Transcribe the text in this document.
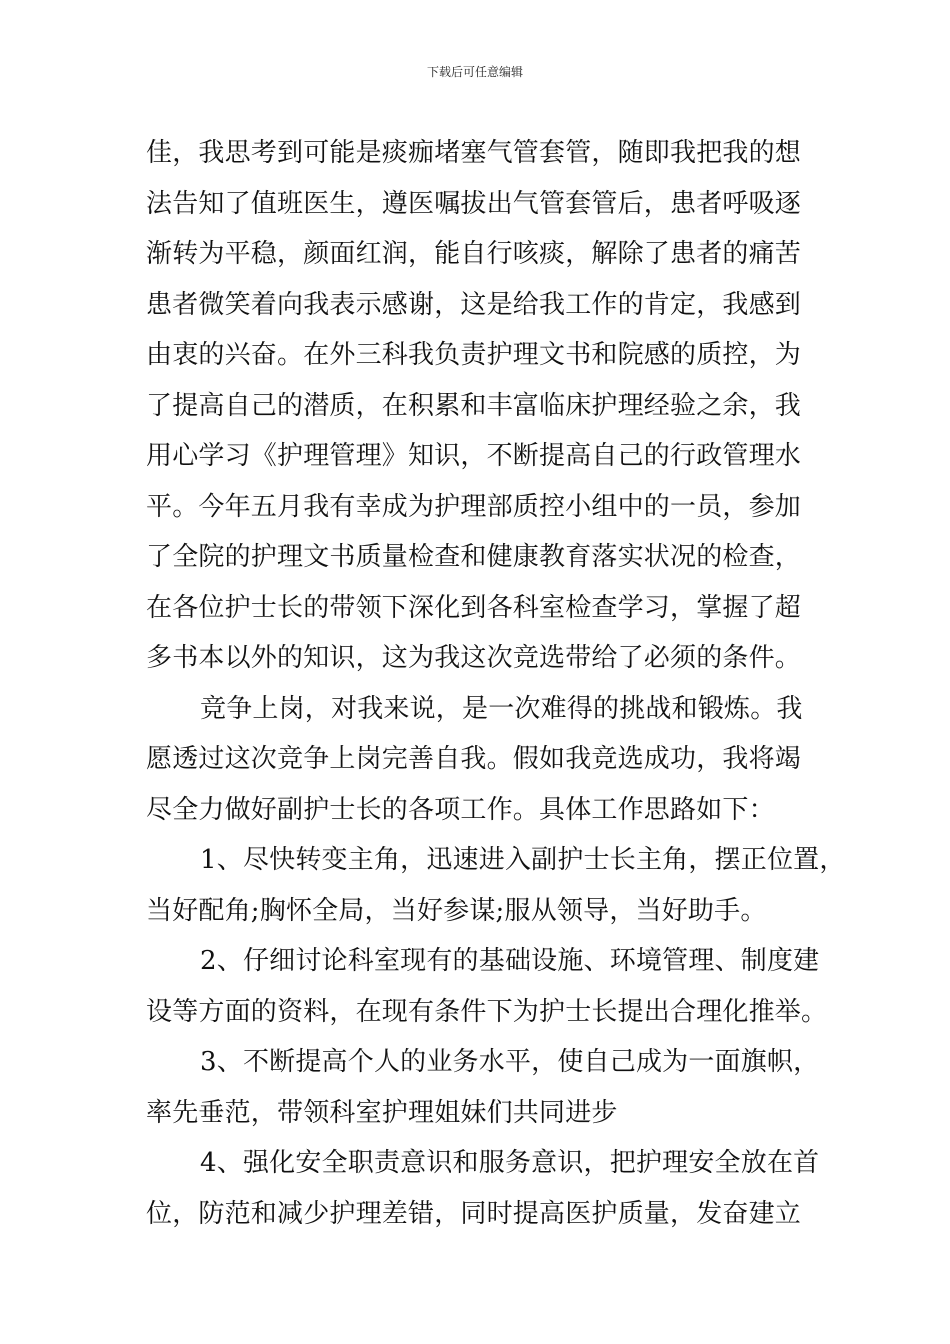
下载后可任意编辑
佳，我思考到可能是痰痂堵塞气管套管，随即我把我的想
法告知了值班医生，遵医嘱拔出气管套管后，患者呼吸逐
渐转为平稳，颜面红润，能自行咳痰，解除了患者的痛苦
患者微笑着向我表示感谢，这是给我工作的肯定，我感到
由衷的兴奋。在外三科我负责护理文书和院感的质控，为
了提高自己的潜质，在积累和丰富临床护理经验之余，我
用心学习《护理管理》知识，不断提高自己的行政管理水
平。今年五月我有幸成为护理部质控小组中的一员，参加
了全院的护理文书质量检查和健康教育落实状况的检查，
在各位护士长的带领下深化到各科室检查学习，掌握了超
多书本以外的知识，这为我这次竞选带给了必须的条件。
竞争上岗，对我来说，是一次难得的挑战和锻炼。我
愿透过这次竞争上岗完善自我。假如我竞选成功，我将竭
尽全力做好副护士长的各项工作。具体工作思路如下：
1、尽快转变主角，迅速进入副护士长主角，摆正位置，
当好配角;胸怀全局，当好参谋;服从领导，当好助手。
2、仔细讨论科室现有的基础设施、环境管理、制度建
设等方面的资料，在现有条件下为护士长提出合理化推举。
3、不断提高个人的业务水平，使自己成为一面旗帜，
率先垂范，带领科室护理姐妹们共同进步
4、强化安全职责意识和服务意识，把护理安全放在首
位，防范和减少护理差错，同时提高医护质量，发奋建立
